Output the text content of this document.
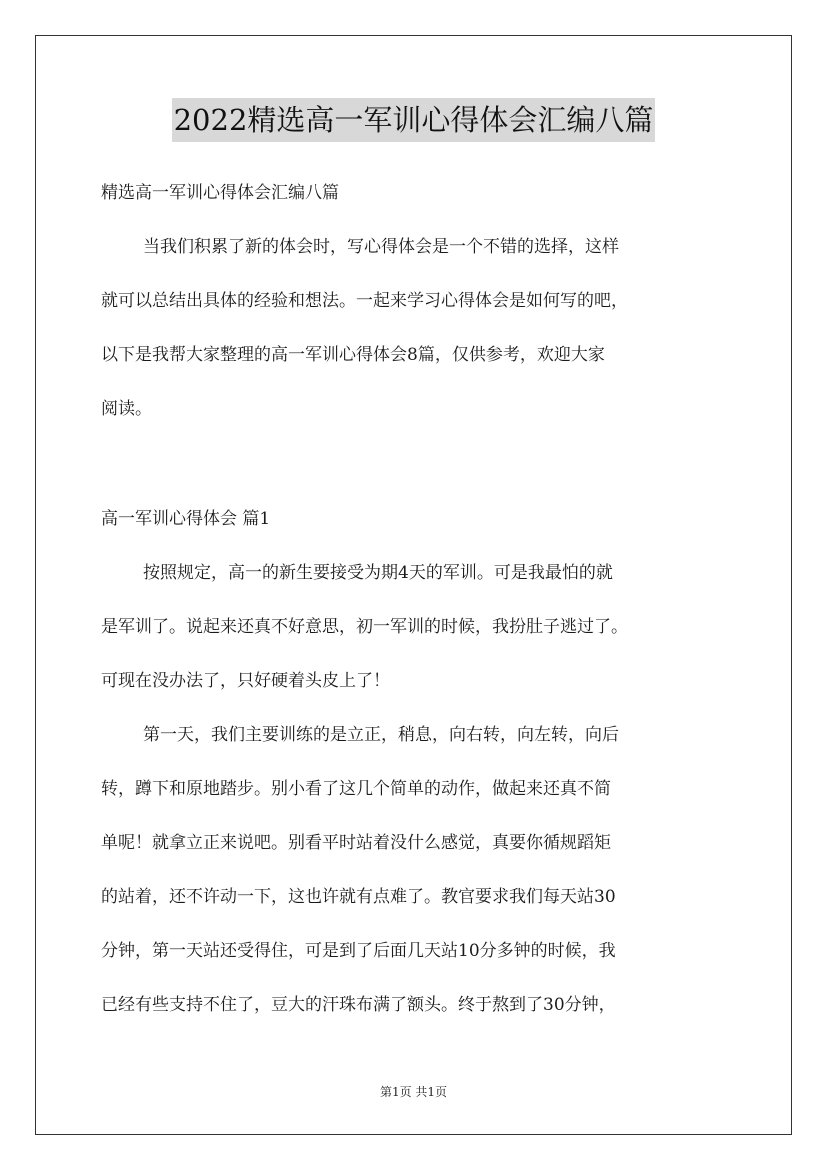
2022精选高一军训心得体会汇编八篇
精选高一军训心得体会汇编八篇
当我们积累了新的体会时，写心得体会是一个不错的选择，这样
就可以总结出具体的经验和想法。一起来学习心得体会是如何写的吧，
以下是我帮大家整理的高一军训心得体会8篇，仅供参考，欢迎大家
阅读。
高一军训心得体会 篇1
按照规定，高一的新生要接受为期4天的军训。可是我最怕的就
是军训了。说起来还真不好意思，初一军训的时候，我扮肚子逃过了。
可现在没办法了，只好硬着头皮上了！
第一天，我们主要训练的是立正，稍息，向右转，向左转，向后
转，蹲下和原地踏步。别小看了这几个简单的动作，做起来还真不简
单呢！就拿立正来说吧。别看平时站着没什么感觉，真要你循规蹈矩
的站着，还不许动一下，这也许就有点难了。教官要求我们每天站30
分钟，第一天站还受得住，可是到了后面几天站10分多钟的时候，我
已经有些支持不住了，豆大的汗珠布满了额头。终于熬到了30分钟，
第1页 共1页
